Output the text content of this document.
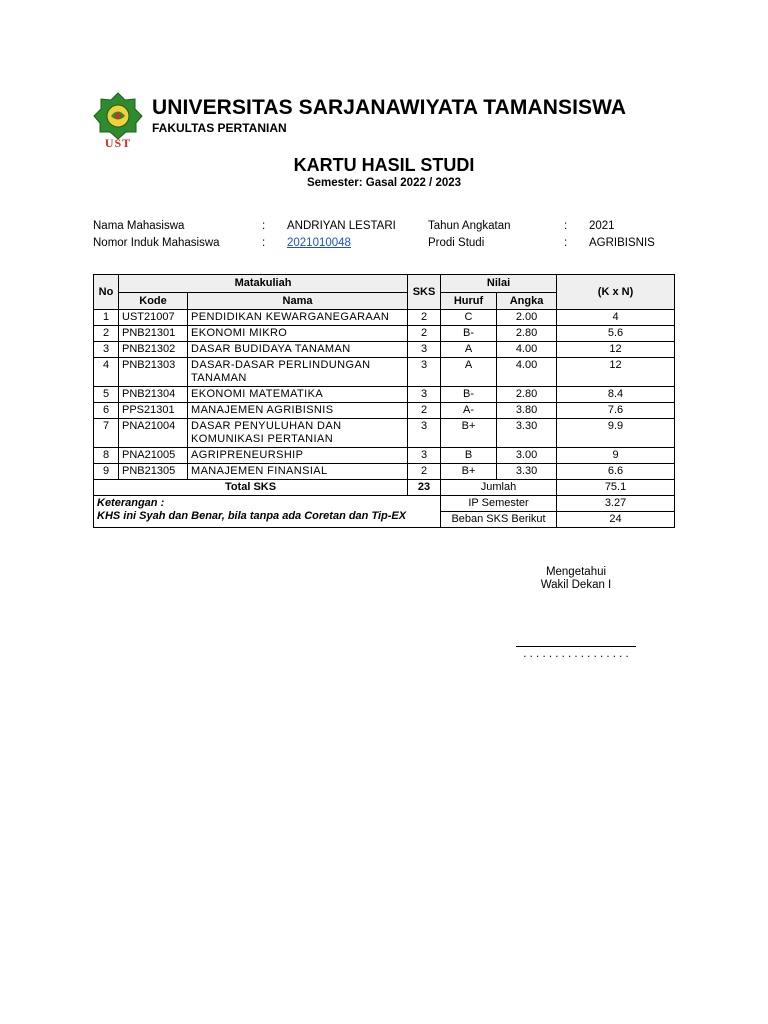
UST
UNIVERSITAS SARJANAWIYATA TAMANSISWA
FAKULTAS PERTANIAN
KARTU HASIL STUDI
Semester: Gasal 2022 / 2023
Nama Mahasiswa	: ANDRIYAN LESTARI	Tahun Angkatan	: 2021
Nomor Induk Mahasiswa	: 2021010048	Prodi Studi	: AGRIBISNIS
No	Matakuliah		SKS	Nilai		(K x N)
	Kode	Nama		Huruf	Angka	
1	UST21007	PENDIDIKAN KEWARGANEGARAAN	2	C	2.00	4
2	PNB21301	EKONOMI MIKRO	2	B-	2.80	5.6
3	PNB21302	DASAR BUDIDAYA TANAMAN	3	A	4.00	12
4	PNB21303	DASAR-DASAR PERLINDUNGAN TANAMAN	3	A	4.00	12
5	PNB21304	EKONOMI MATEMATIKA	3	B-	2.80	8.4
6	PPS21301	MANAJEMEN AGRIBISNIS	2	A-	3.80	7.6
7	PNA21004	DASAR PENYULUHAN DAN KOMUNIKASI PERTANIAN	3	B+	3.30	9.9
8	PNA21005	AGRIPRENEURSHIP	3	B	3.00	9
9	PNB21305	MANAJEMEN FINANSIAL	2	B+	3.30	6.6
Total SKS			23	Jumlah		75.1

Keterangan :
KHS ini Syah dan Benar, bila tanpa ada Coretan dan Tip-EX				IP Semester		3.27
				Beban SKS Berikut		24
Mengetahui
Wakil Dekan I
. . . . . . . . . . . . . . . . .
